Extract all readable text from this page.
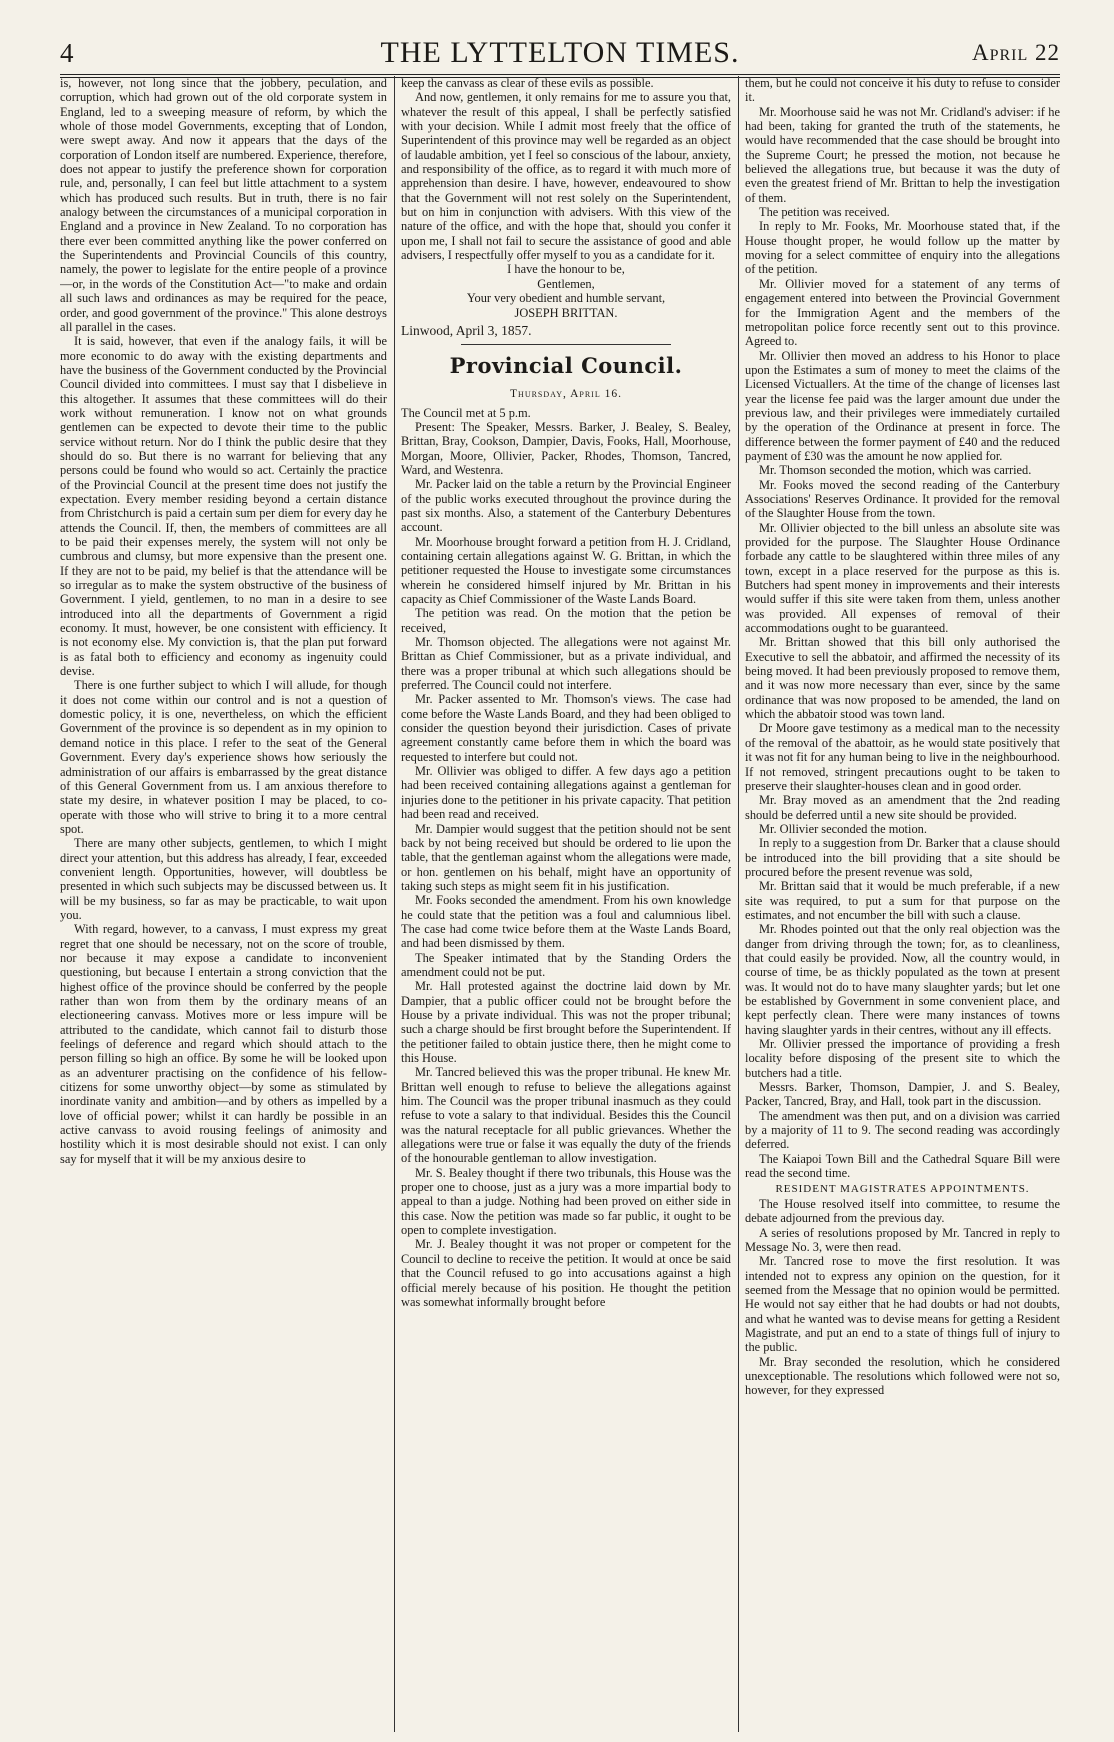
4	THE LYTTELTON TIMES.	April 22

is, however, not long since that the jobbery, peculation, and corruption, which had grown out of the old corporate system in England, led to a sweeping measure of reform, by which the whole of those model Governments, excepting that of London, were swept away. And now it appears that the days of the corporation of London itself are numbered. Experience, therefore, does not appear to justify the preference shown for corporation rule, and, personally, I can feel but little attachment to a system which has produced such results. But in truth, there is no fair analogy between the circumstances of a municipal corporation in England and a province in New Zealand. To no corporation has there ever been committed anything like the power conferred on the Superintendents and Provincial Councils of this country, namely, the power to legislate for the entire people of a province—or, in the words of the Constitution Act—"to make and ordain all such laws and ordinances as may be required for the peace, order, and good government of the province." This alone destroys all parallel in the cases.

It is said, however, that even if the analogy fails, it will be more economic to do away with the existing departments and have the business of the Government conducted by the Provincial Council divided into committees. I must say that I disbelieve in this altogether. It assumes that these committees will do their work without remuneration. I know not on what grounds gentlemen can be expected to devote their time to the public service without return. Nor do I think the public desire that they should do so. But there is no warrant for believing that any persons could be found who would so act. Certainly the practice of the Provincial Council at the present time does not justify the expectation. Every member residing beyond a certain distance from Christchurch is paid a certain sum per diem for every day he attends the Council. If, then, the members of committees are all to be paid their expenses merely, the system will not only be cumbrous and clumsy, but more expensive than the present one. If they are not to be paid, my belief is that the attendance will be so irregular as to make the system obstructive of the business of Government. I yield, gentlemen, to no man in a desire to see introduced into all the departments of Government a rigid economy. It must, however, be one consistent with efficiency. It is not economy else. My conviction is, that the plan put forward is as fatal both to efficiency and economy as ingenuity could devise.

There is one further subject to which I will allude, for though it does not come within our control and is not a question of domestic policy, it is one, nevertheless, on which the efficient Government of the province is so dependent as in my opinion to demand notice in this place. I refer to the seat of the General Government. Every day's experience shows how seriously the administration of our affairs is embarrassed by the great distance of this General Government from us. I am anxious therefore to state my desire, in whatever position I may be placed, to co-operate with those who will strive to bring it to a more central spot.

There are many other subjects, gentlemen, to which I might direct your attention, but this address has already, I fear, exceeded convenient length. Opportunities, however, will doubtless be presented in which such subjects may be discussed between us. It will be my business, so far as may be practicable, to wait upon you.

With regard, however, to a canvass, I must express my great regret that one should be necessary, not on the score of trouble, nor because it may expose a candidate to inconvenient questioning, but because I entertain a strong conviction that the highest office of the province should be conferred by the people rather than won from them by the ordinary means of an electioneering canvass. Motives more or less impure will be attributed to the candidate, which cannot fail to disturb those feelings of deference and regard which should attach to the person filling so high an office. By some he will be looked upon as an adventurer practising on the confidence of his fellow-citizens for some unworthy object—by some as stimulated by inordinate vanity and ambition—and by others as impelled by a love of official power; whilst it can hardly be possible in an active canvass to avoid rousing feelings of animosity and hostility which it is most desirable should not exist. I can only say for myself that it will be my anxious desire to

keep the canvass as clear of these evils as possible.

And now, gentlemen, it only remains for me to assure you that, whatever the result of this appeal, I shall be perfectly satisfied with your decision. While I admit most freely that the office of Superintendent of this province may well be regarded as an object of laudable ambition, yet I feel so conscious of the labour, anxiety, and responsibility of the office, as to regard it with much more of apprehension than desire. I have, however, endeavoured to show that the Government will not rest solely on the Superintendent, but on him in conjunction with advisers. With this view of the nature of the office, and with the hope that, should you confer it upon me, I shall not fail to secure the assistance of good and able advisers, I respectfully offer myself to you as a candidate for it.

I have the honour to be,

Gentlemen,

Your very obedient and humble servant,

JOSEPH BRITTAN.

Linwood, April 3, 1857.

Provincial Council.
Thursday, April 16.

The Council met at 5 p.m.

Present: The Speaker, Messrs. Barker, J. Bealey, S. Bealey, Brittan, Bray, Cookson, Dampier, Davis, Fooks, Hall, Moorhouse, Morgan, Moore, Ollivier, Packer, Rhodes, Thomson, Tancred, Ward, and Westenra.

Mr. Packer laid on the table a return by the Provincial Engineer of the public works executed throughout the province during the past six months. Also, a statement of the Canterbury Debentures account.

Mr. Moorhouse brought forward a petition from H. J. Cridland, containing certain allegations against W. G. Brittan, in which the petitioner requested the House to investigate some circumstances wherein he considered himself injured by Mr. Brittan in his capacity as Chief Commissioner of the Waste Lands Board.

The petition was read. On the motion that the petion be received,

Mr. Thomson objected. The allegations were not against Mr. Brittan as Chief Commissioner, but as a private individual, and there was a proper tribunal at which such allegations should be preferred. The Council could not interfere.

Mr. Packer assented to Mr. Thomson's views. The case had come before the Waste Lands Board, and they had been obliged to consider the question beyond their jurisdiction. Cases of private agreement constantly came before them in which the board was requested to interfere but could not.

Mr. Ollivier was obliged to differ. A few days ago a petition had been received containing allegations against a gentleman for injuries done to the petitioner in his private capacity. That petition had been read and received.

Mr. Dampier would suggest that the petition should not be sent back by not being received but should be ordered to lie upon the table, that the gentleman against whom the allegations were made, or hon. gentlemen on his behalf, might have an opportunity of taking such steps as might seem fit in his justification.

Mr. Fooks seconded the amendment. From his own knowledge he could state that the petition was a foul and calumnious libel. The case had come twice before them at the Waste Lands Board, and had been dismissed by them.

The Speaker intimated that by the Standing Orders the amendment could not be put.

Mr. Hall protested against the doctrine laid down by Mr. Dampier, that a public officer could not be brought before the House by a private individual. This was not the proper tribunal; such a charge should be first brought before the Superintendent. If the petitioner failed to obtain justice there, then he might come to this House.

Mr. Tancred believed this was the proper tribunal. He knew Mr. Brittan well enough to refuse to believe the allegations against him. The Council was the proper tribunal inasmuch as they could refuse to vote a salary to that individual. Besides this the Council was the natural receptacle for all public grievances. Whether the allegations were true or false it was equally the duty of the friends of the honourable gentleman to allow investigation.

Mr. S. Bealey thought if there two tribunals, this House was the proper one to choose, just as a jury was a more impartial body to appeal to than a judge. Nothing had been proved on either side in this case. Now the petition was made so far public, it ought to be open to complete investigation.

Mr. J. Bealey thought it was not proper or competent for the Council to decline to receive the petition. It would at once be said that the Council refused to go into accusations against a high official merely because of his position. He thought the petition was somewhat informally brought before

them, but he could not conceive it his duty to refuse to consider it.

Mr. Moorhouse said he was not Mr. Cridland's adviser: if he had been, taking for granted the truth of the statements, he would have recommended that the case should be brought into the Supreme Court; he pressed the motion, not because he believed the allegations true, but because it was the duty of even the greatest friend of Mr. Brittan to help the investigation of them.

The petition was received.

In reply to Mr. Fooks, Mr. Moorhouse stated that, if the House thought proper, he would follow up the matter by moving for a select committee of enquiry into the allegations of the petition.

Mr. Ollivier moved for a statement of any terms of engagement entered into between the Provincial Government for the Immigration Agent and the members of the metropolitan police force recently sent out to this province. Agreed to.

Mr. Ollivier then moved an address to his Honor to place upon the Estimates a sum of money to meet the claims of the Licensed Victuallers. At the time of the change of licenses last year the license fee paid was the larger amount due under the previous law, and their privileges were immediately curtailed by the operation of the Ordinance at present in force. The difference between the former payment of £40 and the reduced payment of £30 was the amount he now applied for.

Mr. Thomson seconded the motion, which was carried.

Mr. Fooks moved the second reading of the Canterbury Associations' Reserves Ordinance. It provided for the removal of the Slaughter House from the town.

Mr. Ollivier objected to the bill unless an absolute site was provided for the purpose. The Slaughter House Ordinance forbade any cattle to be slaughtered within three miles of any town, except in a place reserved for the purpose as this is. Butchers had spent money in improvements and their interests would suffer if this site were taken from them, unless another was provided. All expenses of removal of their accommodations ought to be guaranteed.

Mr. Brittan showed that this bill only authorised the Executive to sell the abbatoir, and affirmed the necessity of its being moved. It had been previously proposed to remove them, and it was now more necessary than ever, since by the same ordinance that was now proposed to be amended, the land on which the abbatoir stood was town land.

Dr Moore gave testimony as a medical man to the necessity of the removal of the abattoir, as he would state positively that it was not fit for any human being to live in the neighbourhood. If not removed, stringent precautions ought to be taken to preserve their slaughter-houses clean and in good order.

Mr. Bray moved as an amendment that the 2nd reading should be deferred until a new site should be provided.

Mr. Ollivier seconded the motion.

In reply to a suggestion from Dr. Barker that a clause should be introduced into the bill providing that a site should be procured before the present revenue was sold,

Mr. Brittan said that it would be much preferable, if a new site was required, to put a sum for that purpose on the estimates, and not encumber the bill with such a clause.

Mr. Rhodes pointed out that the only real objection was the danger from driving through the town; for, as to cleanliness, that could easily be provided. Now, all the country would, in course of time, be as thickly populated as the town at present was. It would not do to have many slaughter yards; but let one be established by Government in some convenient place, and kept perfectly clean. There were many instances of towns having slaughter yards in their centres, without any ill effects.

Mr. Ollivier pressed the importance of providing a fresh locality before disposing of the present site to which the butchers had a title.

Messrs. Barker, Thomson, Dampier, J. and S. Bealey, Packer, Tancred, Bray, and Hall, took part in the discussion.

The amendment was then put, and on a division was carried by a majority of 11 to 9. The second reading was accordingly deferred.

The Kaiapoi Town Bill and the Cathedral Square Bill were read the second time.

RESIDENT MAGISTRATES APPOINTMENTS.

The House resolved itself into committee, to resume the debate adjourned from the previous day.

A series of resolutions proposed by Mr. Tancred in reply to Message No. 3, were then read.

Mr. Tancred rose to move the first resolution. It was intended not to express any opinion on the question, for it seemed from the Message that no opinion would be permitted. He would not say either that he had doubts or had not doubts, and what he wanted was to devise means for getting a Resident Magistrate, and put an end to a state of things full of injury to the public.

Mr. Bray seconded the resolution, which he considered unexceptionable. The resolutions which followed were not so, however, for they expressed
